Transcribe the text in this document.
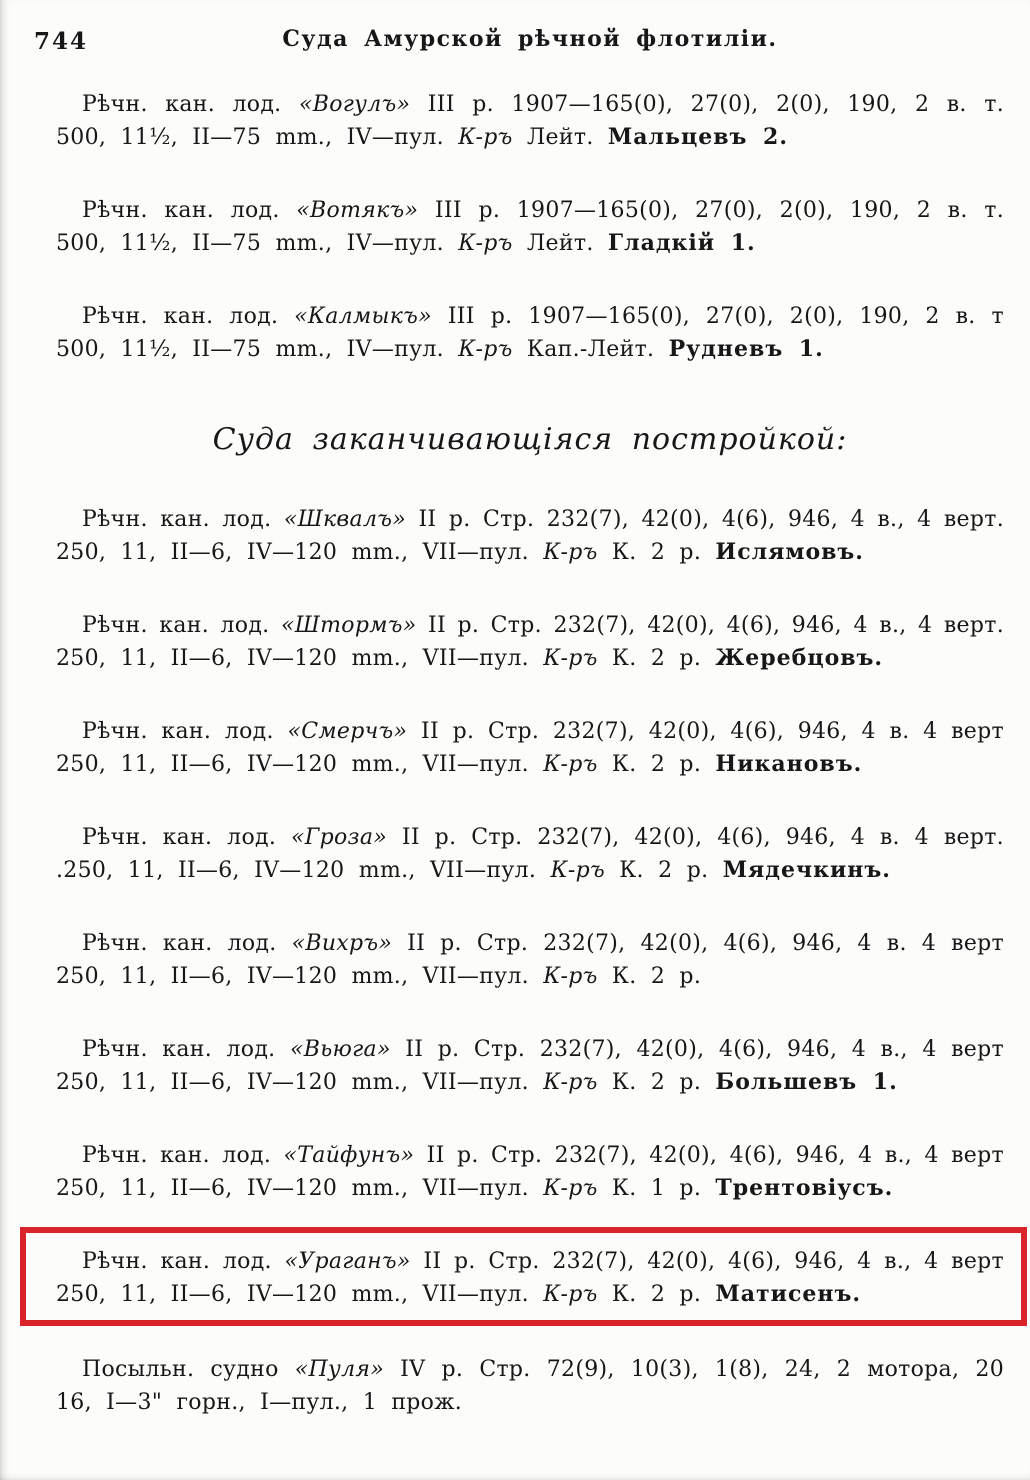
744	Суда Амурской рѣчной флотиліи.
Рѣчн. кан. лод. «Вогулъ» III р. 1907—165(0), 27(0), 2(0), 190, 2 в. т.
500, 11½, II—75 mm., IV—пул. К-ръ Лейт. Мальцевъ 2.
Рѣчн. кан. лод. «Вотякъ» III р. 1907—165(0), 27(0), 2(0), 190, 2 в. т.
500, 11½, II—75 mm., IV—пул. К-ръ Лейт. Гладкій 1.
Рѣчн. кан. лод. «Калмыкъ» III р. 1907—165(0), 27(0), 2(0), 190, 2 в. т
500, 11½, II—75 mm., IV—пул. К-ръ Кап.-Лейт. Рудневъ 1.
Суда заканчивающіяся постройкой:
Рѣчн. кан. лод. «Шквалъ» II р. Стр. 232(7), 42(0), 4(6), 946, 4 в., 4 верт.
250, 11, II—6, IV—120 mm., VII—пул. К-ръ К. 2 р. Ислямовъ.
Рѣчн. кан. лод. «Штормъ» II р. Стр. 232(7), 42(0), 4(6), 946, 4 в., 4 верт.
250, 11, II—6, IV—120 mm., VII—пул. К-ръ К. 2 р. Жеребцовъ.
Рѣчн. кан. лод. «Смерчъ» II р. Стр. 232(7), 42(0), 4(6), 946, 4 в. 4 верт
250, 11, II—6, IV—120 mm., VII—пул. К-ръ К. 2 р. Никановъ.
Рѣчн. кан. лод. «Гроза» II р. Стр. 232(7), 42(0), 4(6), 946, 4 в. 4 верт.
.250, 11, II—6, IV—120 mm., VII—пул. К-ръ К. 2 р. Мядечкинъ.
Рѣчн. кан. лод. «Вихръ» II р. Стр. 232(7), 42(0), 4(6), 946, 4 в. 4 верт
250, 11, II—6, IV—120 mm., VII—пул. К-ръ К. 2 р.
Рѣчн. кан. лод. «Вьюга» II р. Стр. 232(7), 42(0), 4(6), 946, 4 в., 4 верт
250, 11, II—6, IV—120 mm., VII—пул. К-ръ К. 2 р. Большевъ 1.
Рѣчн. кан. лод. «Тайфунъ» II р. Стр. 232(7), 42(0), 4(6), 946, 4 в., 4 верт
250, 11, II—6, IV—120 mm., VII—пул. К-ръ К. 1 р. Трентовіусъ.
Рѣчн. кан. лод. «Ураганъ» II р. Стр. 232(7), 42(0), 4(6), 946, 4 в., 4 верт
250, 11, II—6, IV—120 mm., VII—пул. К-ръ К. 2 р. Матисенъ.
Посыльн. судно «Пуля» IV р. Стр. 72(9), 10(3), 1(8), 24, 2 мотора, 20
16, I—3" горн., I—пул., 1 прож.
